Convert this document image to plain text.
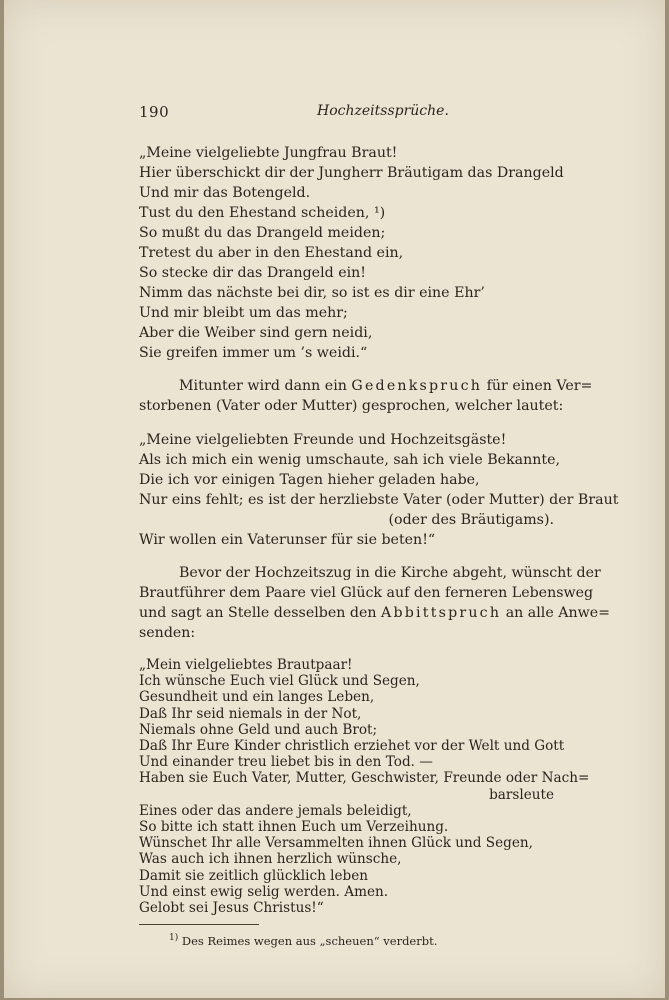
190	Hochzeitssprüche.
„Meine vielgeliebte Jungfrau Braut!
Hier überschickt dir der Jungherr Bräutigam das Drangeld
Und mir das Botengeld.
Tust du den Ehestand scheiden, ¹)
So mußt du das Drangeld meiden;
Tretest du aber in den Ehestand ein,
So stecke dir das Drangeld ein!
Nimm das nächste bei dir, so ist es dir eine Ehr’
Und mir bleibt um das mehr;
Aber die Weiber sind gern neidi,
Sie greifen immer um ’s weidi.“
Mitunter wird dann ein Gedenkspruch für einen Ver=
storbenen (Vater oder Mutter) gesprochen, welcher lautet:
„Meine vielgeliebten Freunde und Hochzeitsgäste!
Als ich mich ein wenig umschaute, sah ich viele Bekannte,
Die ich vor einigen Tagen hieher geladen habe,
Nur eins fehlt; es ist der herzliebste Vater (oder Mutter) der Braut
(oder des Bräutigams).
Wir wollen ein Vaterunser für sie beten!“
Bevor der Hochzeitszug in die Kirche abgeht, wünscht der
Brautführer dem Paare viel Glück auf den ferneren Lebensweg
und sagt an Stelle desselben den Abbittspruch an alle Anwe=
senden:
„Mein vielgeliebtes Brautpaar!
Ich wünsche Euch viel Glück und Segen,
Gesundheit und ein langes Leben,
Daß Ihr seid niemals in der Not,
Niemals ohne Geld und auch Brot;
Daß Ihr Eure Kinder christlich erziehet vor der Welt und Gott
Und einander treu liebet bis in den Tod. —
Haben sie Euch Vater, Mutter, Geschwister, Freunde oder Nach=
barsleute
Eines oder das andere jemals beleidigt,
So bitte ich statt ihnen Euch um Verzeihung.
Wünschet Ihr alle Versammelten ihnen Glück und Segen,
Was auch ich ihnen herzlich wünsche,
Damit sie zeitlich glücklich leben
Und einst ewig selig werden. Amen.
Gelobt sei Jesus Christus!“
$^{1)}$ Des Reimes wegen aus „scheuen“ verderbt.
